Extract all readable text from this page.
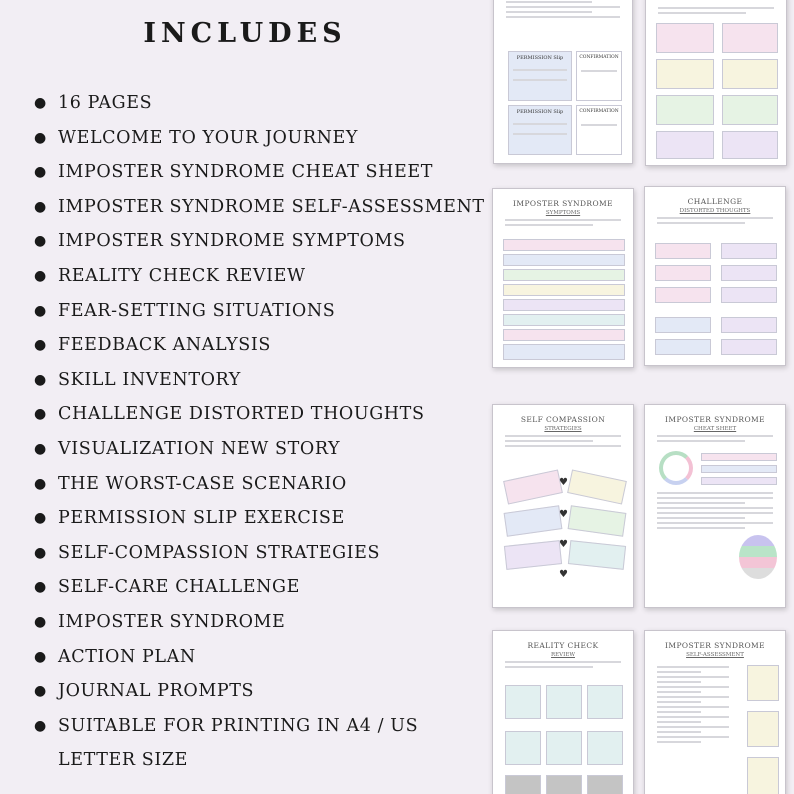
INCLUDES
● 16 PAGES
● WELCOME TO YOUR JOURNEY
● IMPOSTER SYNDROME CHEAT SHEET
● IMPOSTER SYNDROME SELF-ASSESSMENT
● IMPOSTER SYNDROME SYMPTOMS
● REALITY CHECK REVIEW
● FEAR-SETTING SITUATIONS
● FEEDBACK ANALYSIS
● SKILL INVENTORY
● CHALLENGE DISTORTED THOUGHTS
● VISUALIZATION NEW STORY
● THE WORST-CASE SCENARIO
● PERMISSION SLIP EXERCISE
● SELF-COMPASSION STRATEGIES
● SELF-CARE CHALLENGE
● IMPOSTER SYNDROME
● ACTION PLAN
● JOURNAL PROMPTS
● SUITABLE FOR PRINTING IN A4 / US
LETTER SIZE
PERMISSION Slip	CONFIRMATION
PERMISSION Slip	CONFIRMATION
IMPOSTER SYNDROME
SYMPTOMS
CHALLENGE
DISTORTED THOUGHTS
SELF COMPASSION
STRATEGIES
♥
♥
♥
♥
IMPOSTER SYNDROME
CHEAT SHEET
REALITY CHECK
REVIEW
IMPOSTER SYNDROME
SELF-ASSESSMENT
